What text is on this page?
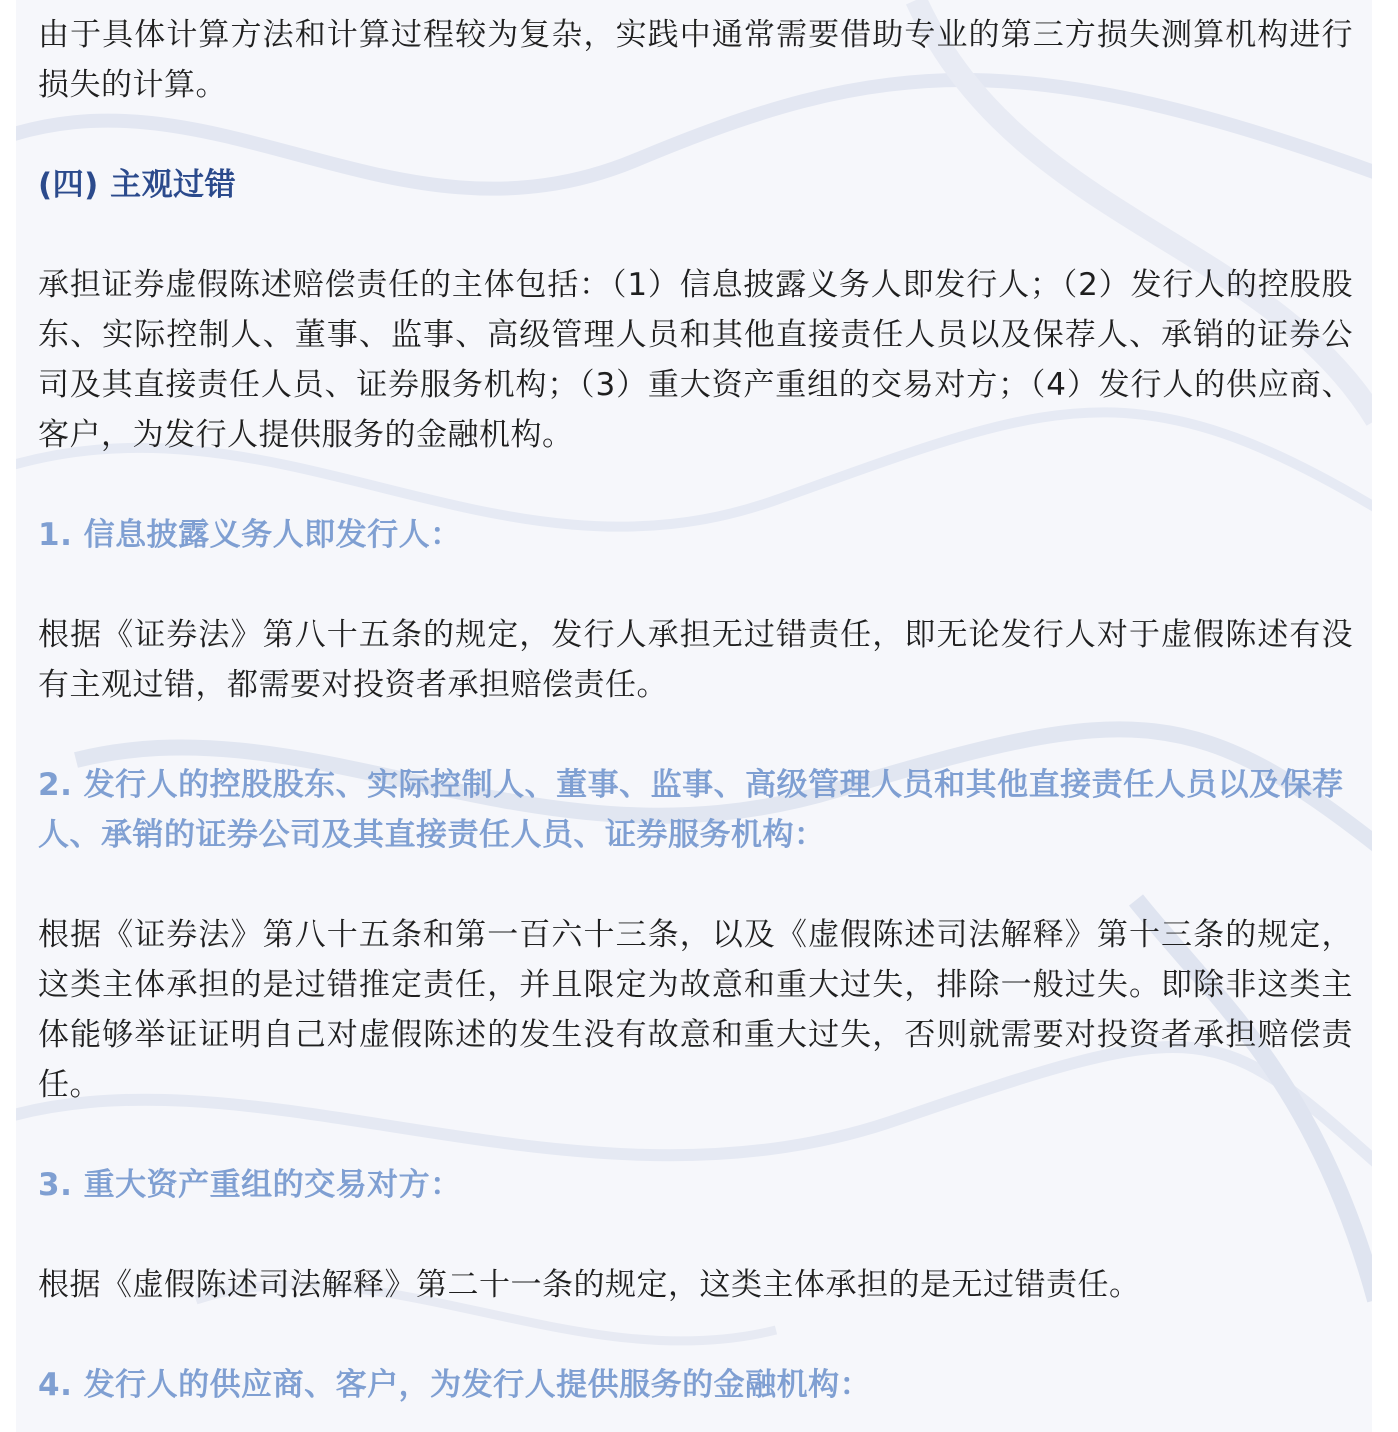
由于具体计算方法和计算过程较为复杂，实践中通常需要借助专业的第三方损失测算机构进行损失的计算。

(四) 主观过错

承担证券虚假陈述赔偿责任的主体包括：（1）信息披露义务人即发行人；（2）发行人的控股股东、实际控制人、董事、监事、高级管理人员和其他直接责任人员以及保荐人、承销的证券公司及其直接责任人员、证券服务机构；（3）重大资产重组的交易对方；（4）发行人的供应商、客户，为发行人提供服务的金融机构。

1. 信息披露义务人即发行人：

根据《证券法》第八十五条的规定，发行人承担无过错责任，即无论发行人对于虚假陈述有没有主观过错，都需要对投资者承担赔偿责任。

2. 发行人的控股股东、实际控制人、董事、监事、高级管理人员和其他直接责任人员以及保荐人、承销的证券公司及其直接责任人员、证券服务机构：

根据《证券法》第八十五条和第一百六十三条，以及《虚假陈述司法解释》第十三条的规定，这类主体承担的是过错推定责任，并且限定为故意和重大过失，排除一般过失。即除非这类主体能够举证证明自己对虚假陈述的发生没有故意和重大过失，否则就需要对投资者承担赔偿责任。

3. 重大资产重组的交易对方：

根据《虚假陈述司法解释》第二十一条的规定，这类主体承担的是无过错责任。

4. 发行人的供应商、客户，为发行人提供服务的金融机构：
